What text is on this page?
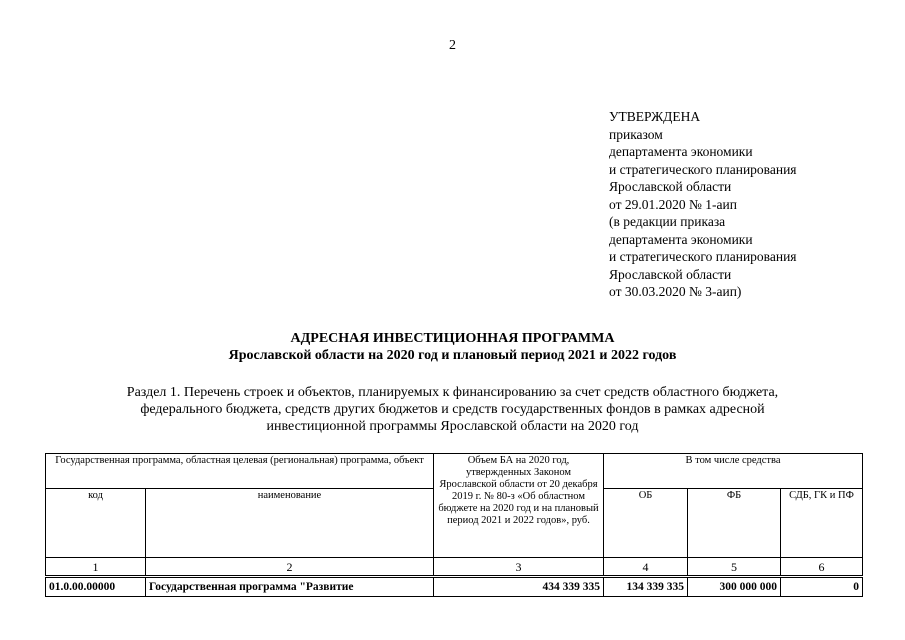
2
УТВЕРЖДЕНА
приказом
департамента экономики
и стратегического планирования
Ярославской области
от 29.01.2020 № 1-аип
(в редакции приказа
департамента экономики
и стратегического планирования
Ярославской области
от 30.03.2020 № 3-аип)
АДРЕСНАЯ ИНВЕСТИЦИОННАЯ ПРОГРАММА
Ярославской области на 2020 год и плановый период 2021 и 2022 годов
Раздел 1. Перечень строек и объектов, планируемых к финансированию за счет средств областного бюджета,
федерального бюджета, средств других бюджетов и средств государственных фондов в рамках адресной
инвестиционной программы Ярославской области на 2020 год
Государственная программа, областная целевая (региональная) программа, объект		Объем БА на 2020 год, утвержденных Законом Ярославской области от 20 декабря 2019 г. № 80-з «Об областном бюджете на 2020 год и на плановый период 2021 и 2022 годов», руб.	В том числе средства		
код	наименование		ОБ	ФБ	СДБ, ГК и ПФ
1	2	3	4	5	6
01.0.00.00000	Государственная программа "Развитие	434 339 335	134 339 335	300 000 000	0
